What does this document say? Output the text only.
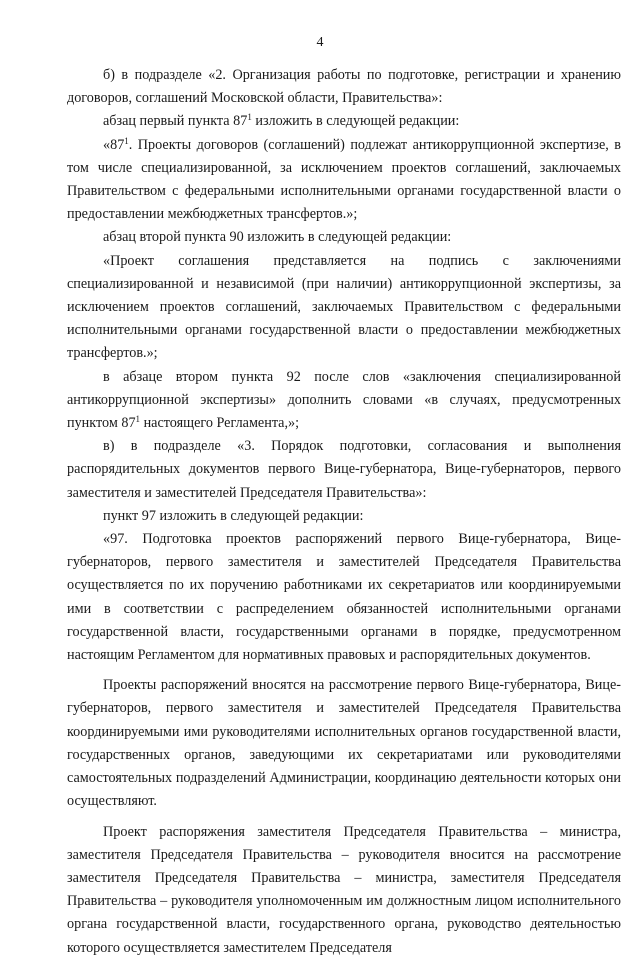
4

б) в подразделе «2. Организация работы по подготовке, регистрации и хранению договоров, соглашений Московской области, Правительства»:

абзац первый пункта $87^1$ изложить в следующей редакции:

«$87^1$. Проекты договоров (соглашений) подлежат антикоррупционной экспертизе, в том числе специализированной, за исключением проектов соглашений, заключаемых Правительством с федеральными исполнительными органами государственной власти о предоставлении межбюджетных трансфертов.»;

абзац второй пункта 90 изложить в следующей редакции:

«Проект соглашения представляется на подпись с заключениями специализированной и независимой (при наличии) антикоррупционной экспертизы, за исключением проектов соглашений, заключаемых Правительством с федеральными исполнительными органами государственной власти о предоставлении межбюджетных трансфертов.»;

в абзаце втором пункта 92 после слов «заключения специализированной антикоррупционной экспертизы» дополнить словами «в случаях, предусмотренных пунктом $87^1$ настоящего Регламента,»;

в) в подразделе «3. Порядок подготовки, согласования и выполнения распорядительных документов первого Вице-губернатора, Вице-губернаторов, первого заместителя и заместителей Председателя Правительства»:

пункт 97 изложить в следующей редакции:

«97. Подготовка проектов распоряжений первого Вице-губернатора, Вице-губернаторов, первого заместителя и заместителей Председателя Правительства осуществляется по их поручению работниками их секретариатов или координируемыми ими в соответствии с распределением обязанностей исполнительными органами государственной власти, государственными органами в порядке, предусмотренном настоящим Регламентом для нормативных правовых и распорядительных документов.

Проекты распоряжений вносятся на рассмотрение первого Вице-губернатора, Вице-губернаторов, первого заместителя и заместителей Председателя Правительства координируемыми ими руководителями исполнительных органов государственной власти, государственных органов, заведующими их секретариатами или руководителями самостоятельных подразделений Администрации, координацию деятельности которых они осуществляют.

Проект распоряжения заместителя Председателя Правительства – министра, заместителя Председателя Правительства – руководителя вносится на рассмотрение заместителя Председателя Правительства – министра, заместителя Председателя Правительства – руководителя уполномоченным им должностным лицом исполнительного органа государственной власти, государственного органа, руководство деятельностью которого осуществляется заместителем Председателя
